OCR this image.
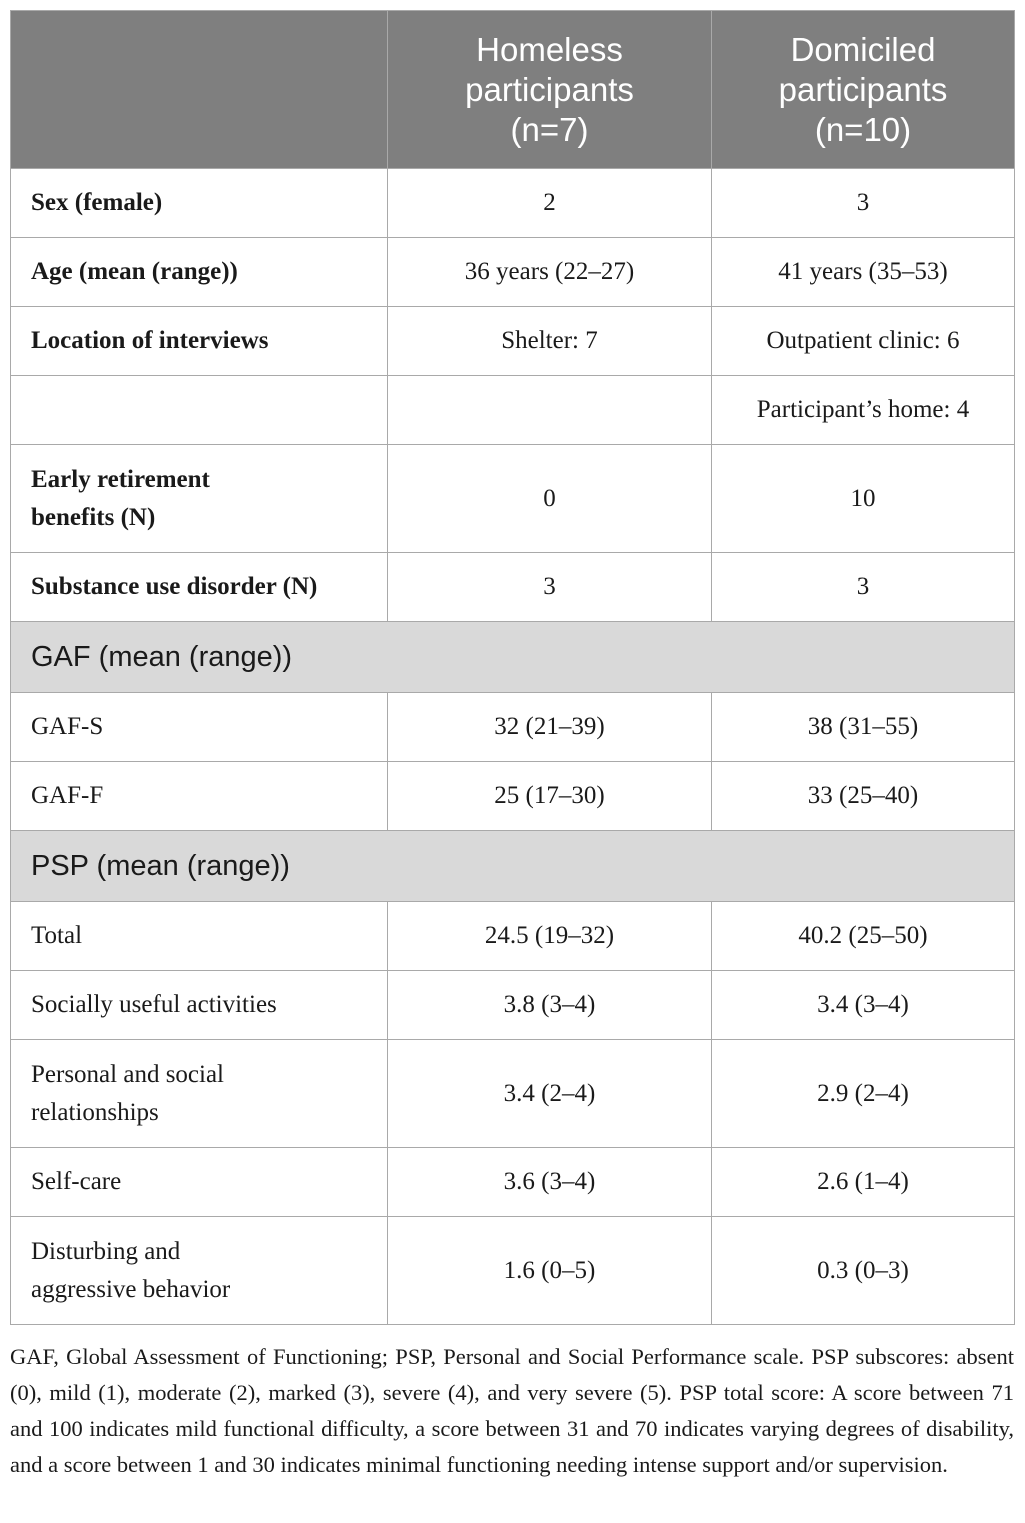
	Homeless participants (n=7)	Domiciled participants (n=10)

Sex (female)	2	3
Age (mean (range))	36 years (22–27)	41 years (35–53)
Location of interviews	Shelter: 7	Outpatient clinic: 6
		Participant’s home: 4

Early retirement benefits (N)	0	10
Substance use disorder (N)	3	3
GAF (mean (range))		
GAF-S	32 (21–39)	38 (31–55)
GAF-F	25 (17–30)	33 (25–40)
PSP (mean (range))		
Total	24.5 (19–32)	40.2 (25–50)
Socially useful activities	3.8 (3–4)	3.4 (3–4)

Personal and social relationships	3.4 (2–4)	2.9 (2–4)
Self-care	3.6 (3–4)	2.6 (1–4)

Disturbing and aggressive behavior	1.6 (0–5)	0.3 (0–3)

GAF, Global Assessment of Functioning; PSP, Personal and Social Performance scale. PSP subscores: absent (0), mild (1), moderate (2), marked (3), severe (4), and very severe (5). PSP total score: A score between 71 and 100 indicates mild functional difficulty, a score between 31 and 70 indicates varying degrees of disability, and a score between 1 and 30 indicates minimal functioning needing intense support and/or supervision.
